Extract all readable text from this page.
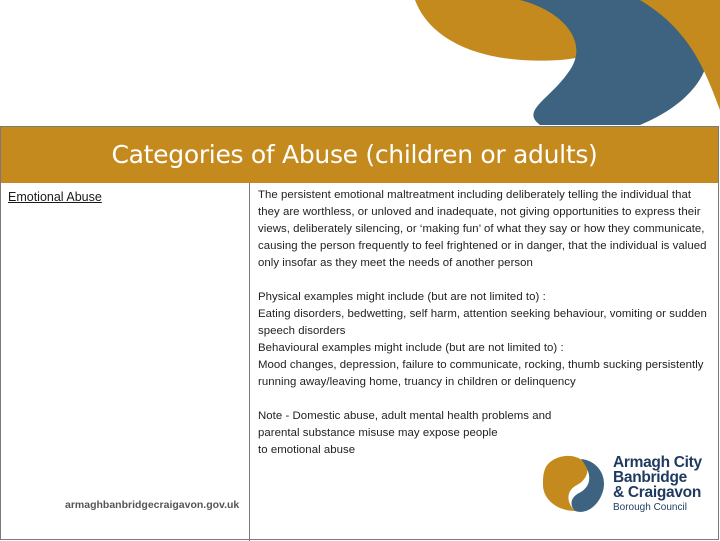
Categories of Abuse (children or adults)
Emotional Abuse	The persistent emotional maltreatment including deliberately telling the individual that they are worthless, or unloved and inadequate, not giving opportunities to express their views, deliberately silencing, or ‘making fun’ of what they say or how they communicate, causing the person frequently to feel frightened or in danger, that the individual is valued only insofar as they meet the needs of another person

Physical examples might include (but are not limited to) :

Eating disorders, bedwetting, self harm, attention seeking behaviour, vomiting or sudden speech disorders

Behavioural examples might include (but are not limited to) :

Mood changes, depression, failure to communicate, rocking, thumb sucking persistently running away/leaving home, truancy in children or delinquency

Note - Domestic abuse, adult mental health problems and

parental substance misuse may expose people

to emotional abuse

armaghbanbridgecraigavon.gov.uk
Armagh City
Banbridge
& Craigavon
Borough Council
